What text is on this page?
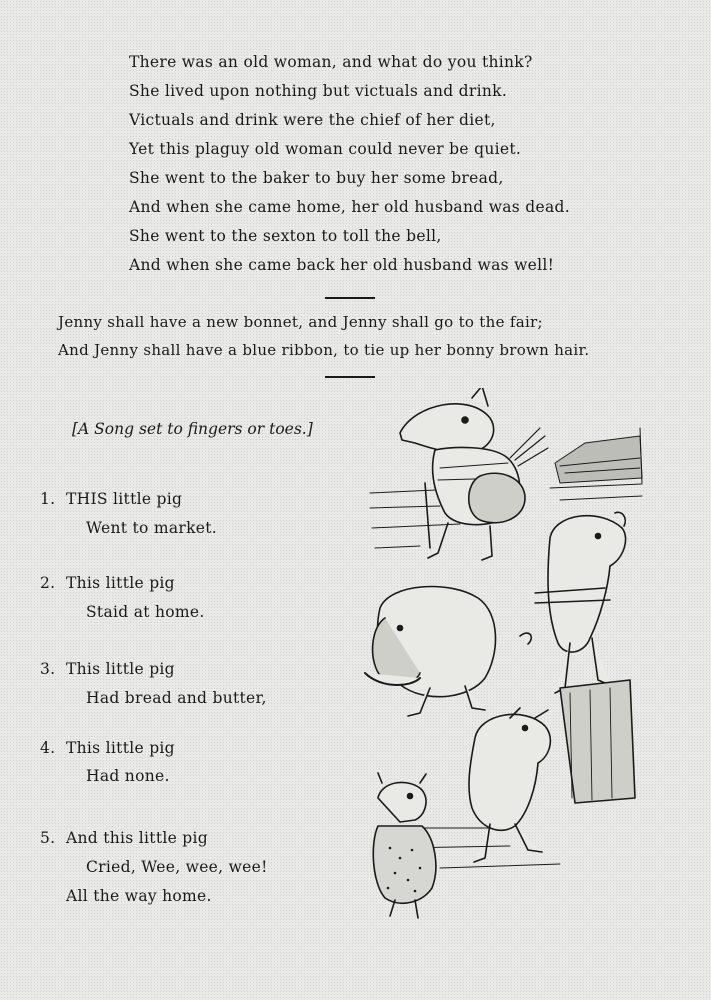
There was an old woman, and what do you think?
She lived upon nothing but victuals and drink.
Victuals and drink were the chief of her diet,
Yet this plaguy old woman could never be quiet.
She went to the baker to buy her some bread,
And when she came home, her old husband was dead.
She went to the sexton to toll the bell,
And when she came back her old husband was well!
Jenny shall have a new bonnet, and Jenny shall go to the fair;
And Jenny shall have a blue ribbon, to tie up her bonny brown hair.
[A Song set to fingers or toes.]
1. THIS little pig
Went to market.
2. This little pig
Staid at home.
3. This little pig
Had bread and butter,
4. This little pig
Had none.
5. And this little pig
Cried, Wee, wee, wee!
All the way home.
